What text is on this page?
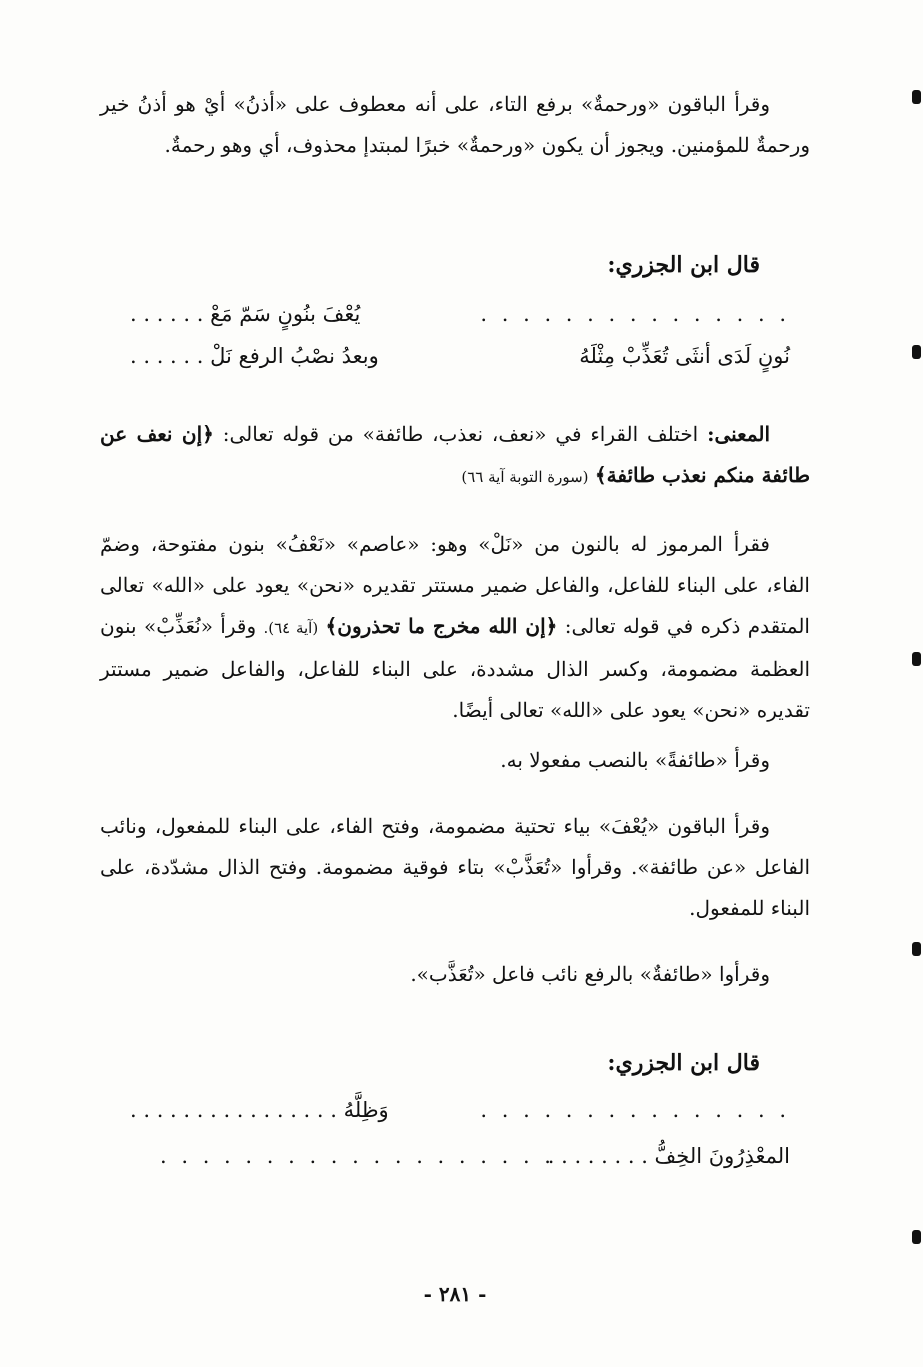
وقرأ الباقون «ورحمةٌ» برفع التاء، على أنه معطوف على «أذنُ» أيْ هو أذنُ خير ورحمةٌ للمؤمنين. ويجوز أن يكون «ورحمةٌ» خبرًا لمبتدإ محذوف، أي وهو رحمةٌ.

قال ابن الجزري:

. . . . . . . . . . . . . . .
يُعْفَ بنُونٍ سَمّ مَعْ . . . . . .
نُونٍ لَدَى أنثَى تُعَذِّبْ مِثْلَهُ
وبعدُ نصْبُ الرفع نَلْ . . . . . .

المعنى: اختلف القراء في «نعف، نعذب، طائفة» من قوله تعالى: ﴿إن نعف عن طائفة منكم نعذب طائفة﴾ (سورة التوبة آية ٦٦)

فقرأ المرموز له بالنون من «نَلْ» وهو: «عاصم» «نَعْفُ» بنون مفتوحة، وضمّ الفاء، على البناء للفاعل، والفاعل ضمير مستتر تقديره «نحن» يعود على «الله» تعالى المتقدم ذكره في قوله تعالى: ﴿إن الله مخرج ما تحذرون﴾ (آية ٦٤). وقرأ «نُعَذِّبْ» بنون العظمة مضمومة، وكسر الذال مشددة، على البناء للفاعل، والفاعل ضمير مستتر تقديره «نحن» يعود على «الله» تعالى أيضًا.

وقرأ «طائفةً» بالنصب مفعولا به.

وقرأ الباقون «يُعْفَ» بياء تحتية مضمومة، وفتح الفاء، على البناء للمفعول، ونائب الفاعل «عن طائفة». وقرأوا «تُعَذَّبْ» بتاء فوقية مضمومة. وفتح الذال مشدّدة، على البناء للمفعول.

وقرأوا «طائفةٌ» بالرفع نائب فاعل «تُعَذَّب».

قال ابن الجزري:

. . . . . . . . . . . . . . .
وَظِلَّهُ . . . . . . . . . . . . . . . .
المعْذِرُونَ الخِفُّ . . . . . . . .
. . . . . . . . . . . . . . . . . . .
- ٢٨١ -
